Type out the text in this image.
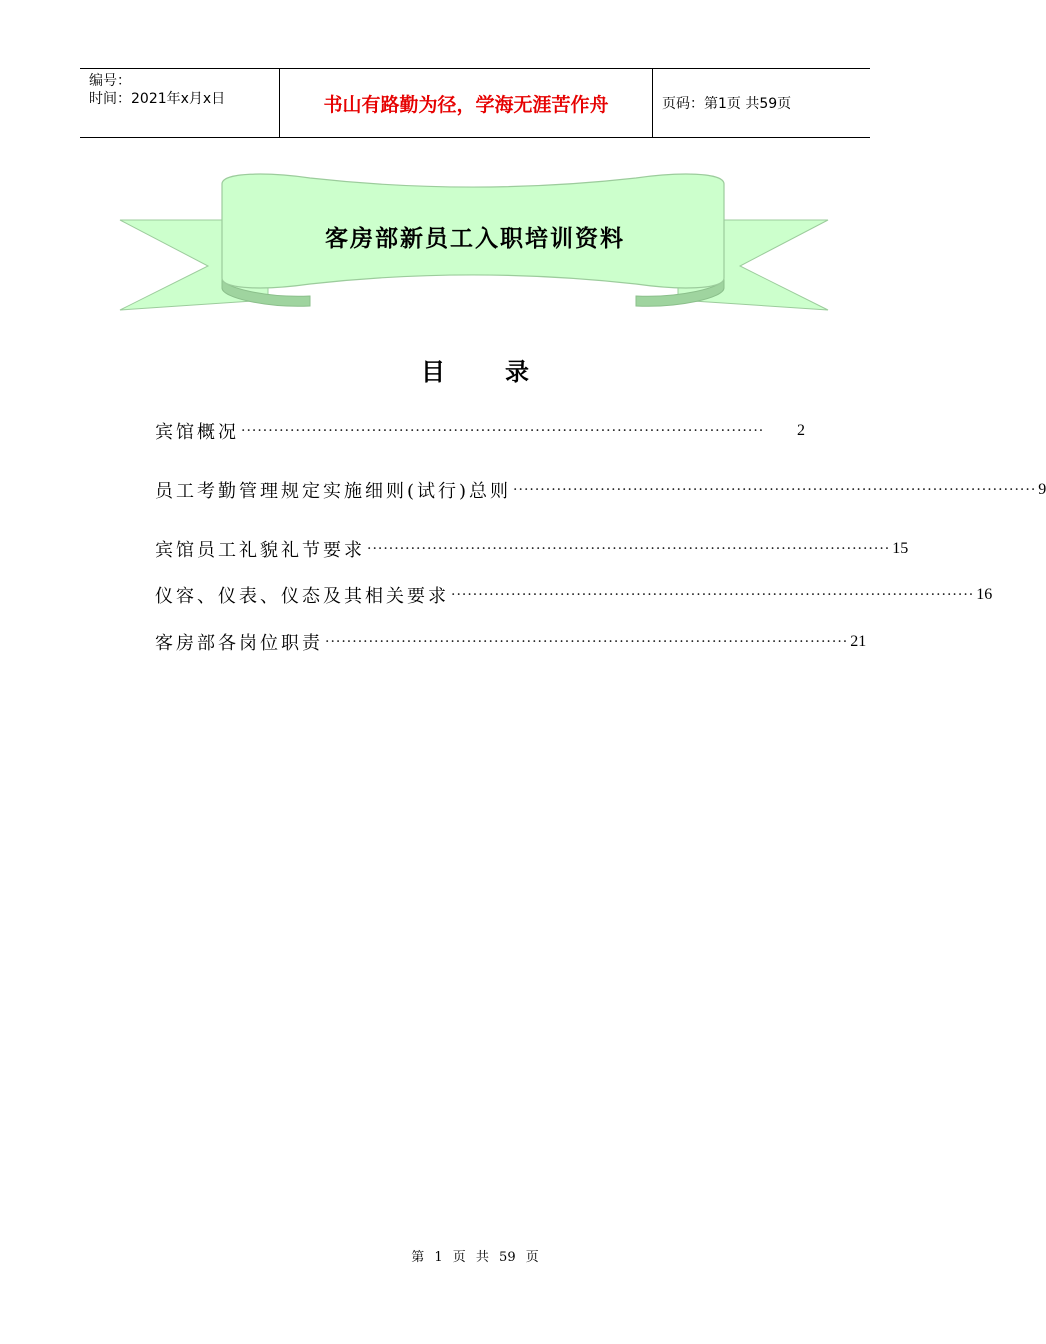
编号：
时间：2021年x月x日	书山有路勤为径，学海无涯苦作舟	页码：第1页 共59页
客房部新员工入职培训资料
目录
宾馆概况 ································································································	2
员工考勤管理规定实施细则(试行)总则 ································································································ 9
宾馆员工礼貌礼节要求 ································································································ 15
仪容、仪表、仪态及其相关要求 ································································································ 16
客房部各岗位职责 ································································································ 21
第 1 页 共 59 页
